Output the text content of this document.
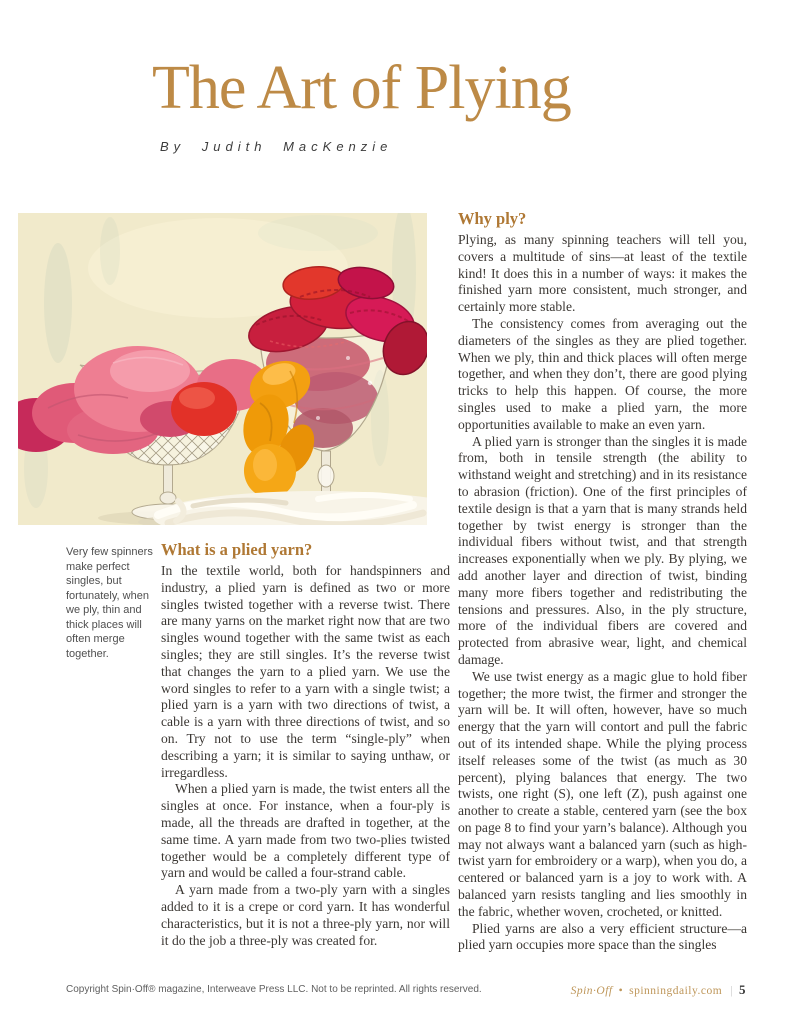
The Art of Plying
By Judith MacKenzie
Very few spinners make perfect singles, but fortunately, when we ply, thin and thick places will often merge together.
What is a plied yarn?

In the textile world, both for handspinners and industry, a plied yarn is defined as two or more singles twisted together with a reverse twist. There are many yarns on the market right now that are two singles wound together with the same twist as each singles; they are still singles. It’s the reverse twist that changes the yarn to a plied yarn. We use the word singles to refer to a yarn with a single twist; a plied yarn is a yarn with two directions of twist, a cable is a yarn with three directions of twist, and so on. Try not to use the term “single-ply” when describing a yarn; it is similar to saying unthaw, or irregardless.

When a plied yarn is made, the twist enters all the singles at once. For instance, when a four-ply is made, all the threads are drafted in together, at the same time. A yarn made from two two-plies twisted together would be a completely different type of yarn and would be called a four-strand cable.

A yarn made from a two-ply yarn with a singles added to it is a crepe or cord yarn. It has wonderful characteristics, but it is not a three-ply yarn, nor will it do the job a three-ply was created for.

Why ply?

Plying, as many spinning teachers will tell you, covers a multitude of sins—at least of the textile kind! It does this in a number of ways: it makes the finished yarn more consistent, much stronger, and certainly more stable.

The consistency comes from averaging out the diameters of the singles as they are plied together. When we ply, thin and thick places will often merge together, and when they don’t, there are good plying tricks to help this happen. Of course, the more singles used to make a plied yarn, the more opportunities available to make an even yarn.

A plied yarn is stronger than the singles it is made from, both in tensile strength (the ability to withstand weight and stretching) and in its resistance to abrasion (friction). One of the first principles of textile design is that a yarn that is many strands held together by twist energy is stronger than the individual fibers without twist, and that strength increases exponentially when we ply. By plying, we add another layer and direction of twist, binding many more fibers together and redistributing the tensions and pressures. Also, in the ply structure, more of the individual fibers are covered and protected from abrasive wear, light, and chemical damage.

We use twist energy as a magic glue to hold fiber together; the more twist, the firmer and stronger the yarn will be. It will often, however, have so much energy that the yarn will contort and pull the fabric out of its intended shape. While the plying process itself releases some of the twist (as much as 30 percent), plying balances that energy. The two twists, one right (S), one left (Z), push against one another to create a stable, centered yarn (see the box on page 8 to find your yarn’s balance). Although you may not always want a balanced yarn (such as high-twist yarn for embroidery or a warp), when you do, a centered or balanced yarn is a joy to work with. A balanced yarn resists tangling and lies smoothly in the fabric, whether woven, crocheted, or knitted.

Plied yarns are also a very efficient structure—a plied yarn occupies more space than the singles

Copyright Spin·Off® magazine, Interweave Press LLC. Not to be reprinted. All rights reserved.	Spin·Off • spinningdaily.com | 5
